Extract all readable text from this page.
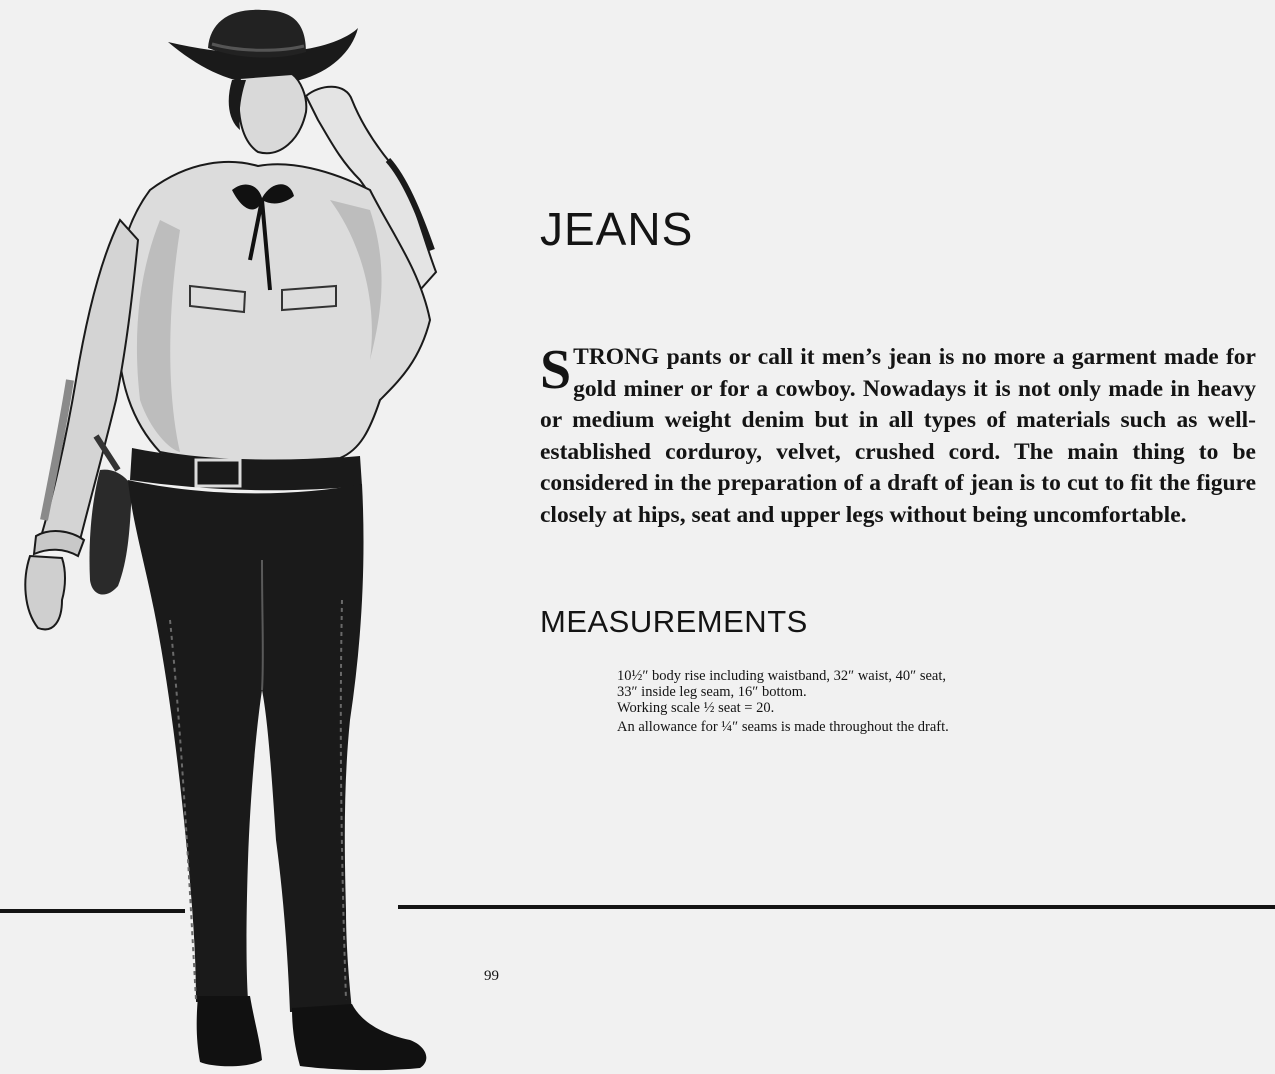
JEANS

STRONG pants or call it men’s jean is no more a garment made for gold miner or for a cowboy. Nowadays it is not only made in heavy or medium weight denim but in all types of materials such as well-established corduroy, velvet, crushed cord. The main thing to be considered in the preparation of a draft of jean is to cut to fit the figure closely at hips, seat and upper legs without being uncomfortable.

MEASUREMENTS

10½″ body rise including waistband, 32″ waist, 40″ seat,

33″ inside leg seam, 16″ bottom.

Working scale ½ seat = 20.

An allowance for ¼″ seams is made throughout the draft.

99
